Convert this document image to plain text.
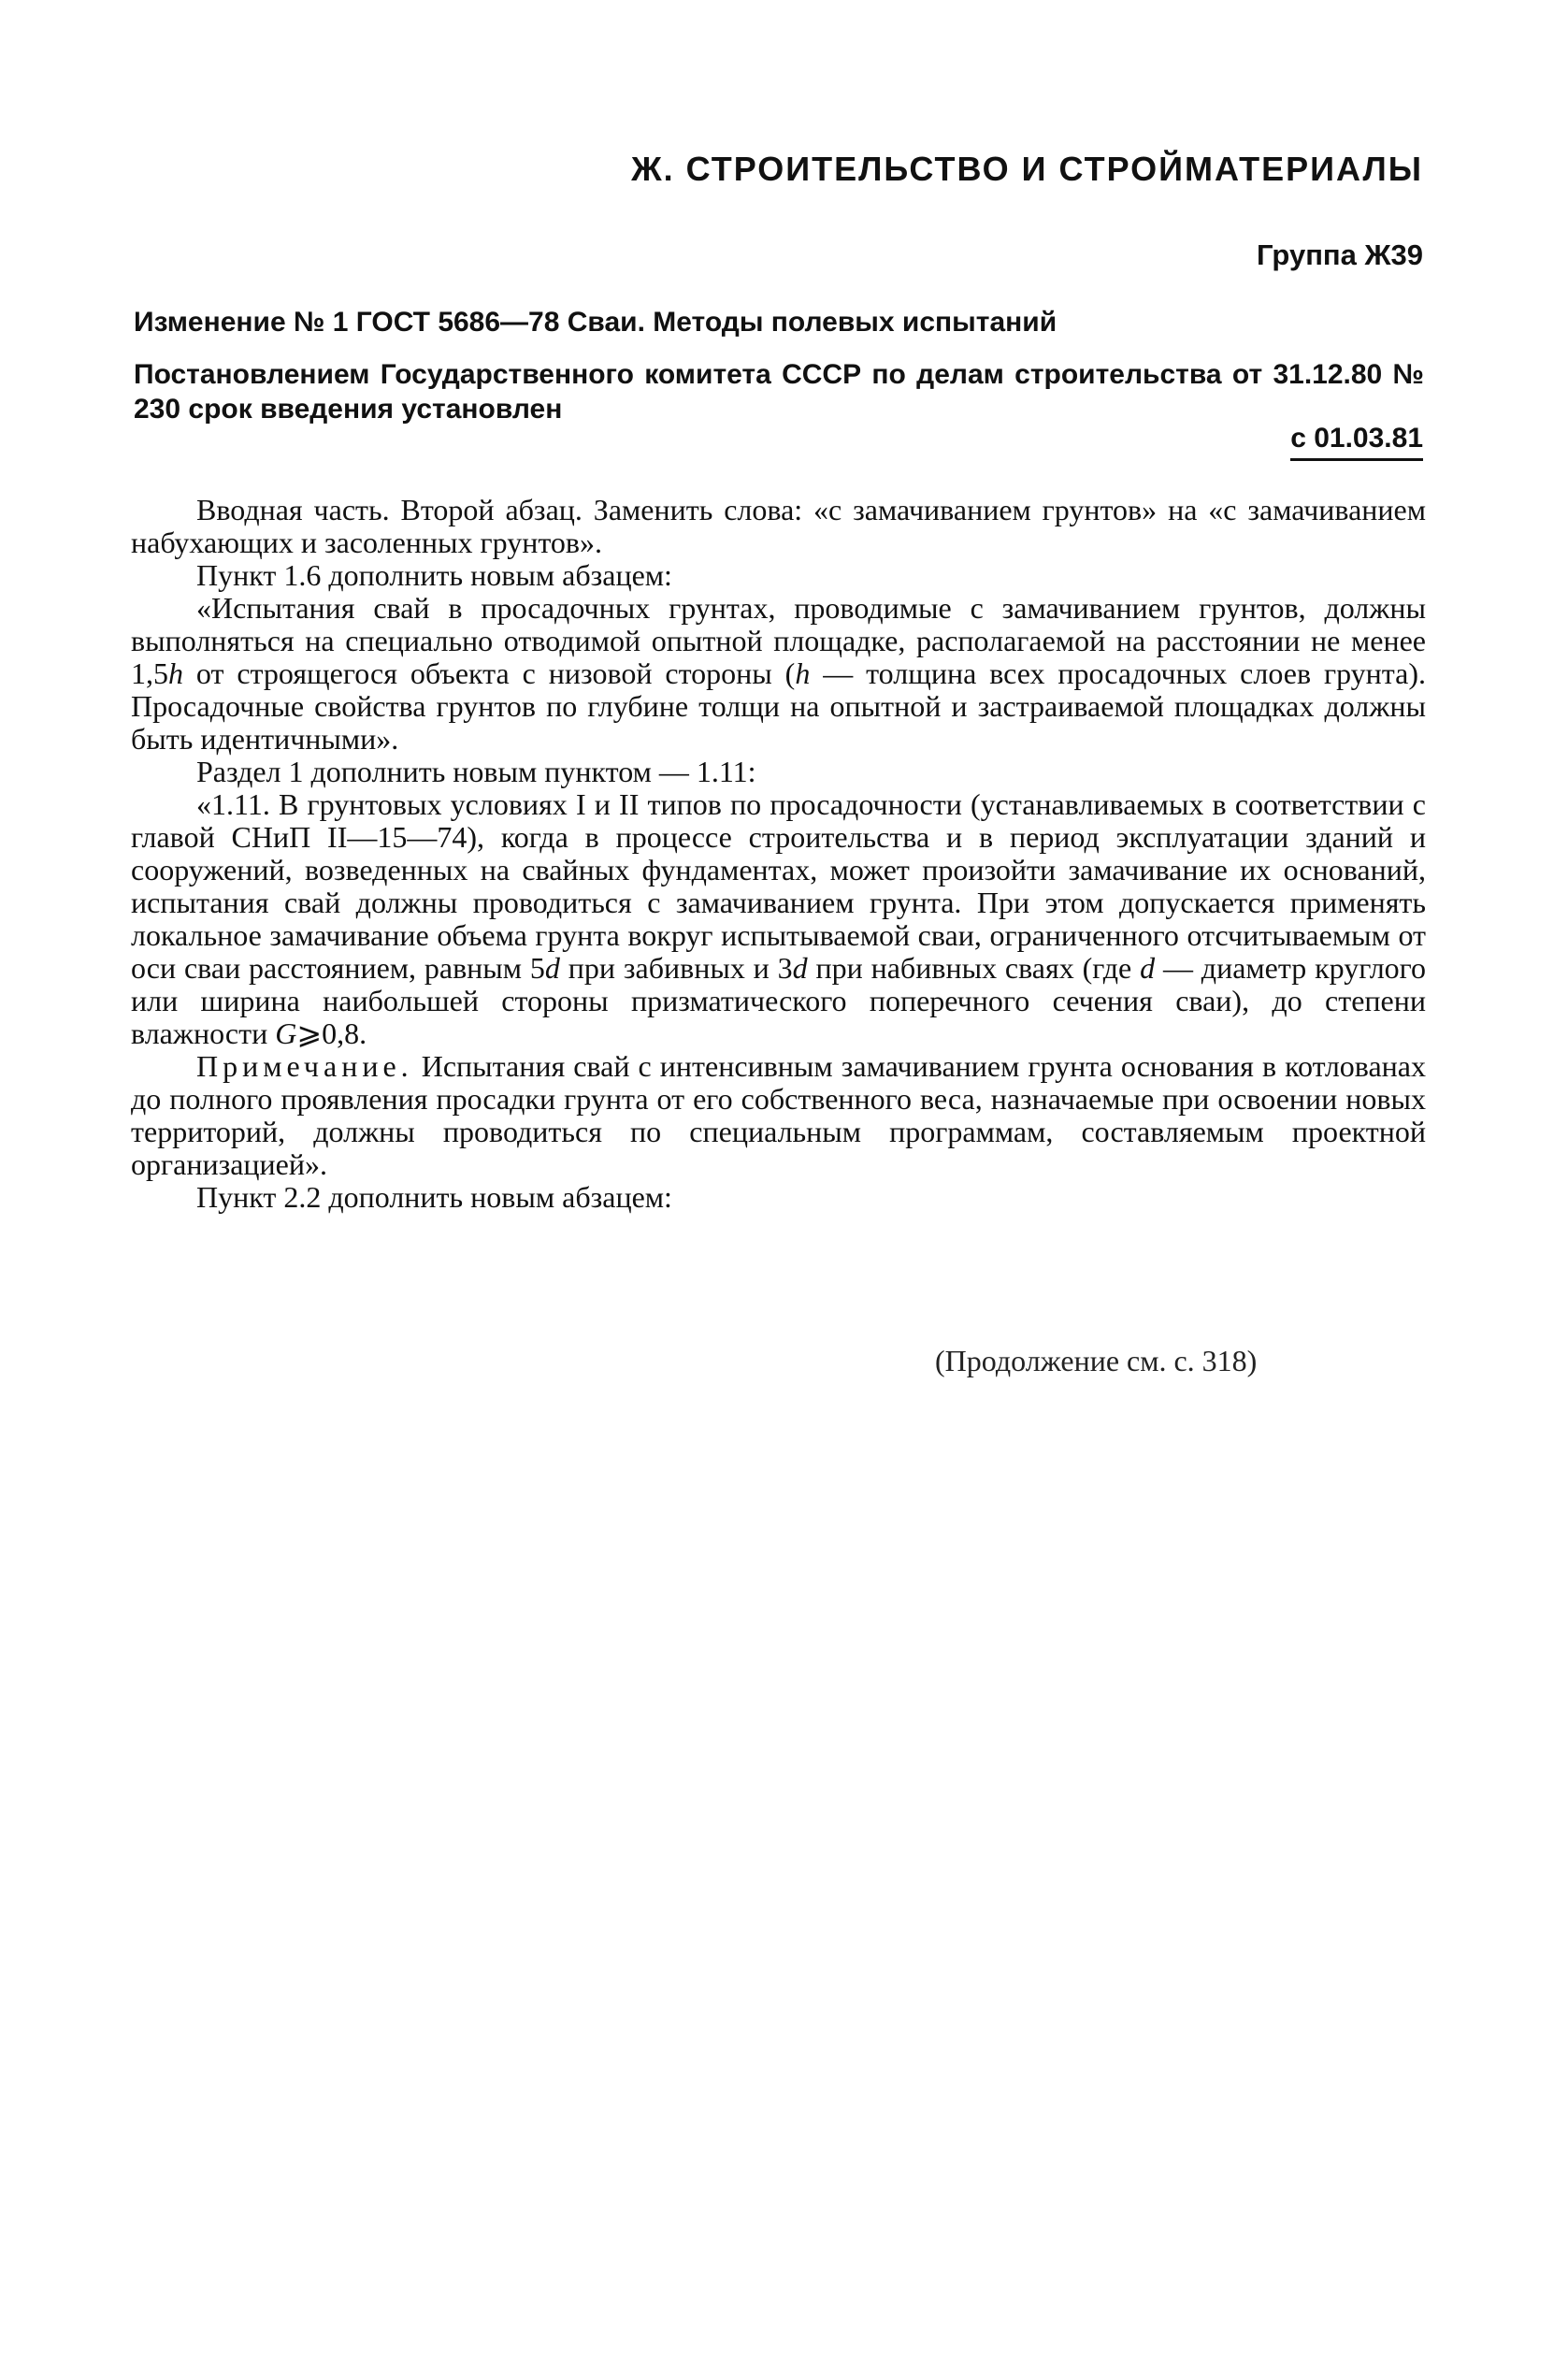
Ж. СТРОИТЕЛЬСТВО И СТРОЙМАТЕРИАЛЫ
Группа Ж39
Изменение № 1 ГОСТ 5686—78 Сваи. Методы полевых испытаний
Постановлением Государственного комитета СССР по делам строительства от 31.12.80 № 230 срок введения установлен
с 01.03.81

Вводная часть. Второй абзац. Заменить слова: «с замачиванием грунтов» на «с замачиванием набухающих и засоленных грунтов».

Пункт 1.6 дополнить новым абзацем:

«Испытания свай в просадочных грунтах, проводимые с замачиванием грунтов, должны выполняться на специально отводимой опытной площадке, располагаемой на расстоянии не менее 1,5h от строящегося объекта с низовой стороны (h — толщина всех просадочных слоев грунта). Просадочные свойства грунтов по глубине толщи на опытной и застраиваемой площадках должны быть идентичными».

Раздел 1 дополнить новым пунктом — 1.11:

«1.11. В грунтовых условиях I и II типов по просадочности (устанавливаемых в соответствии с главой СНиП II—15—74), когда в процессе строительства и в период эксплуатации зданий и сооружений, возведенных на свайных фундаментах, может произойти замачивание их оснований, испытания свай должны проводиться с замачиванием грунта. При этом допускается применять локальное замачивание объема грунта вокруг испытываемой сваи, ограниченного отсчитываемым от оси сваи расстоянием, равным 5d при забивных и 3d при набивных сваях (где d — диаметр круглого или ширина наибольшей стороны призматического поперечного сечения сваи), до степени влажности G⩾0,8.

Примечание. Испытания свай с интенсивным замачиванием грунта основания в котлованах до полного проявления просадки грунта от его собственного веса, назначаемые при освоении новых территорий, должны проводиться по специальным программам, составляемым проектной организацией».

Пункт 2.2 дополнить новым абзацем:

(Продолжение см. с. 318)
